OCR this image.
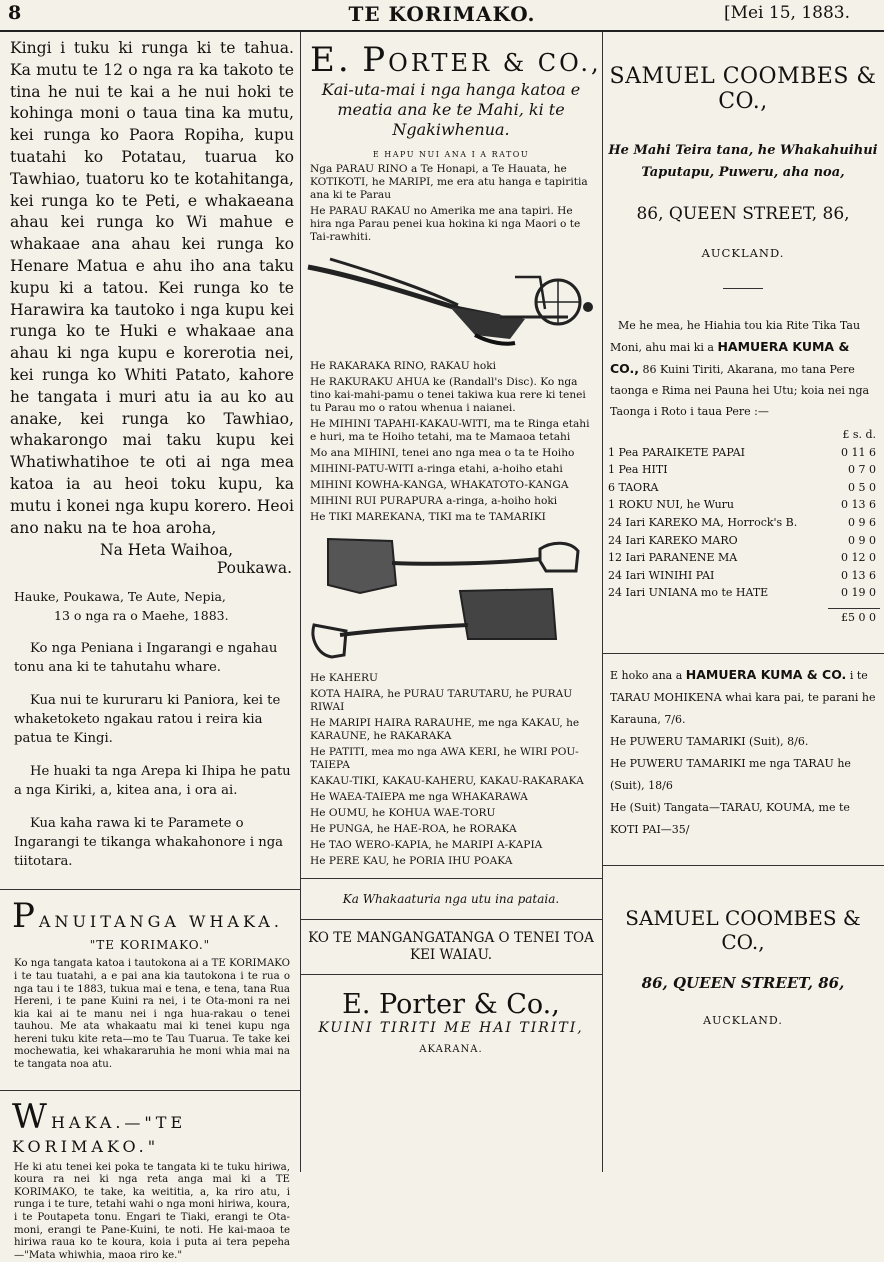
8	TE KORIMAKO.	[Mei 15, 1883.
Kingi i tuku ki runga ki te tahua. Ka mutu te 12 o nga ra ka takoto te tina he nui te kai a he nui hoki te kohinga moni o taua tina ka mutu, kei runga ko Paora Ropiha, kupu tuatahi ko Potatau, tuarua ko Tawhiao, tuatoru ko te kotahitanga, kei runga ko te Peti, e whakaeana ahau kei runga ko Wi mahue e whakaae ana ahau kei runga ko Henare Matua e ahu iho ana taku kupu ki a tatou. Kei runga ko te Harawira ka tautoko i nga kupu kei runga ko te Huki e whakaae ana ahau ki nga kupu e korerotia nei, kei runga ko Whiti Patato, kahore he tangata i muri atu ia au ko au anake, kei runga ko Tawhiao, whakarongo mai taku kupu kei Whatiwhatihoe te oti ai nga mea katoa ia au heoi toku kupu, ka mutu i konei nga kupu korero. Heoi ano naku na te hoa aroha,
Na Heta Waihoa,
Poukawa.
Hauke, Poukawa, Te Aute, Nepia,
13 o nga ra o Maehe, 1883.

Ko nga Peniana i Ingarangi e ngahau tonu ana ki te tahutahu whare.

Kua nui te kururaru ki Paniora, kei te whaketoketo ngakau ratou i reira kia patua te Kingi.

He huaki ta nga Arepa ki Ihipa he patu a nga Kiriki, a, kitea ana, i ora ai.

Kua kaha rawa ki te Paramete o Ingarangi te tikanga whakahonore i nga tiitotara.

PANUITANGA WHAKA.
"TE KORIMAKO."
Ko nga tangata katoa i tautokona ai a TE KORIMAKO i te tau tuatahi, a e pai ana kia tautokona i te rua o nga tau i te 1883, tukua mai e tena, e tena, tana Rua Hereni, i te pane Kuini ra nei, i te Ota-moni ra nei kia kai ai te manu nei i nga hua-rakau o tenei tauhou. Me ata whakaatu mai ki tenei kupu nga hereni tuku kite reta—mo te Tau Tuarua. Te take kei mochewatia, kei whakararuhia he moni whia mai na te tangata noa atu.
WHAKA.—"TE KORIMAKO."
He ki atu tenei kei poka te tangata ki te tuku hiriwa, koura ra nei ki nga reta anga mai ki a TE KORIMAKO, te take, ka weititia, a, ka riro atu, i runga i te ture, tetahi wahi o nga moni hiriwa, koura, i te Poutapeta tonu. Engari te Tiaki, erangi te Ota-moni, erangi te Pane-Kuini, te noti. He kai-maoa te hiriwa raua ko te koura, koia i puta ai tera pepeha—"Mata whiwhia, maoa riro ke."
E. PORTER & CO.,
Kai-uta-mai i nga hanga katoa e meatia ana ke te Mahi, ki te Ngakiwhenua.
E HAPU NUI ANA I A RATOU
Nga PARAU RINO a Te Honapi, a Te Hauata, he KOTIKOTI, he MARIPI, me era atu hanga e tapiritia ana ki te Parau
He PARAU RAKAU no Amerika me ana tapiri. He hira nga Parau penei kua hokina ki nga Maori o te Tai-rawhiti.
He RAKARAKA RINO, RAKAU hoki
He RAKURAKU AHUA ke (Randall's Disc). Ko nga tino kai-mahi-pamu o tenei takiwa kua rere ki tenei tu Parau mo o ratou whenua i naianei.
He MIHINI TAPAHI-KAKAU-WITI, ma te Ringa etahi e huri, ma te Hoiho tetahi, ma te Mamaoa tetahi
Mo ana MIHINI, tenei ano nga mea o ta te Hoiho
MIHINI-PATU-WITI a-ringa etahi, a-hoiho etahi
MIHINI KOWHA-KANGA, WHAKATOTO-KANGA
MIHINI RUI PURAPURA a-ringa, a-hoiho hoki
He TIKI MAREKANA, TIKI ma te TAMARIKI
He KAHERU
KOTA HAIRA, he PURAU TARUTARU, he PURAU RIWAI
He MARIPI HAIRA RARAUHE, me nga KAKAU, he KARAUNE, he RAKARAKA
He PATITI, mea mo nga AWA KERI, he WIRI POU-TAIEPA
KAKAU-TIKI, KAKAU-KAHERU, KAKAU-RAKARAKA
He WAEA-TAIEPA me nga WHAKARAWA
He OUMU, he KOHUA WAE-TORU
He PUNGA, he HAE-ROA, he RORAKA
He TAO WERO-KAPIA, he MARIPI A-KAPIA
He PERE KAU, he PORIA IHU POAKA
Ka Whakaaturia nga utu ina pataia.
KO TE MANGANGATANGA O TENEI TOA KEI WAIAU.
E. Porter & Co.,
KUINI TIRITI ME HAI TIRITI,
AKARANA.
SAMUEL COOMBES & CO.,
He Mahi Teira tana, he Whakahuihui Taputapu, Puweru, aha noa,
86, QUEEN STREET, 86,
AUCKLAND.
Me he mea, he Hiahia tou kia Rite Tika Tau Moni, ahu mai ki a HAMUERA KUMA & CO., 86 Kuini Tiriti, Akarana, mo tana Pere taonga e Rima nei Pauna hei Utu; koia nei nga Taonga i Roto i taua Pere :—
£ s. d.
1 Pea PARAIKETE PAPAI	0 11 6
1 Pea HITI	0 7 0
6 TAORA	0 5 0
1 ROKU NUI, he Wuru	0 13 6
24 Iari KAREKO MA, Horrock's B.	0 9 6
24 Iari KAREKO MARO	0 9 0
12 Iari PARANENE MA	0 12 0
24 Iari WINIHI PAI	0 13 6
24 Iari UNIANA mo te HATE	0 19 0
£5 0 0
E hoko ana a HAMUERA KUMA & CO. i te TARAU MOHIKENA whai kara pai, te parani he Karauna, 7/6.
He PUWERU TAMARIKI (Suit), 8/6.
He PUWERU TAMARIKI me nga TARAU he (Suit), 18/6
He (Suit) Tangata—TARAU, KOUMA, me te KOTI PAI—35/
SAMUEL COOMBES & CO.,
86, QUEEN STREET, 86,
AUCKLAND.
